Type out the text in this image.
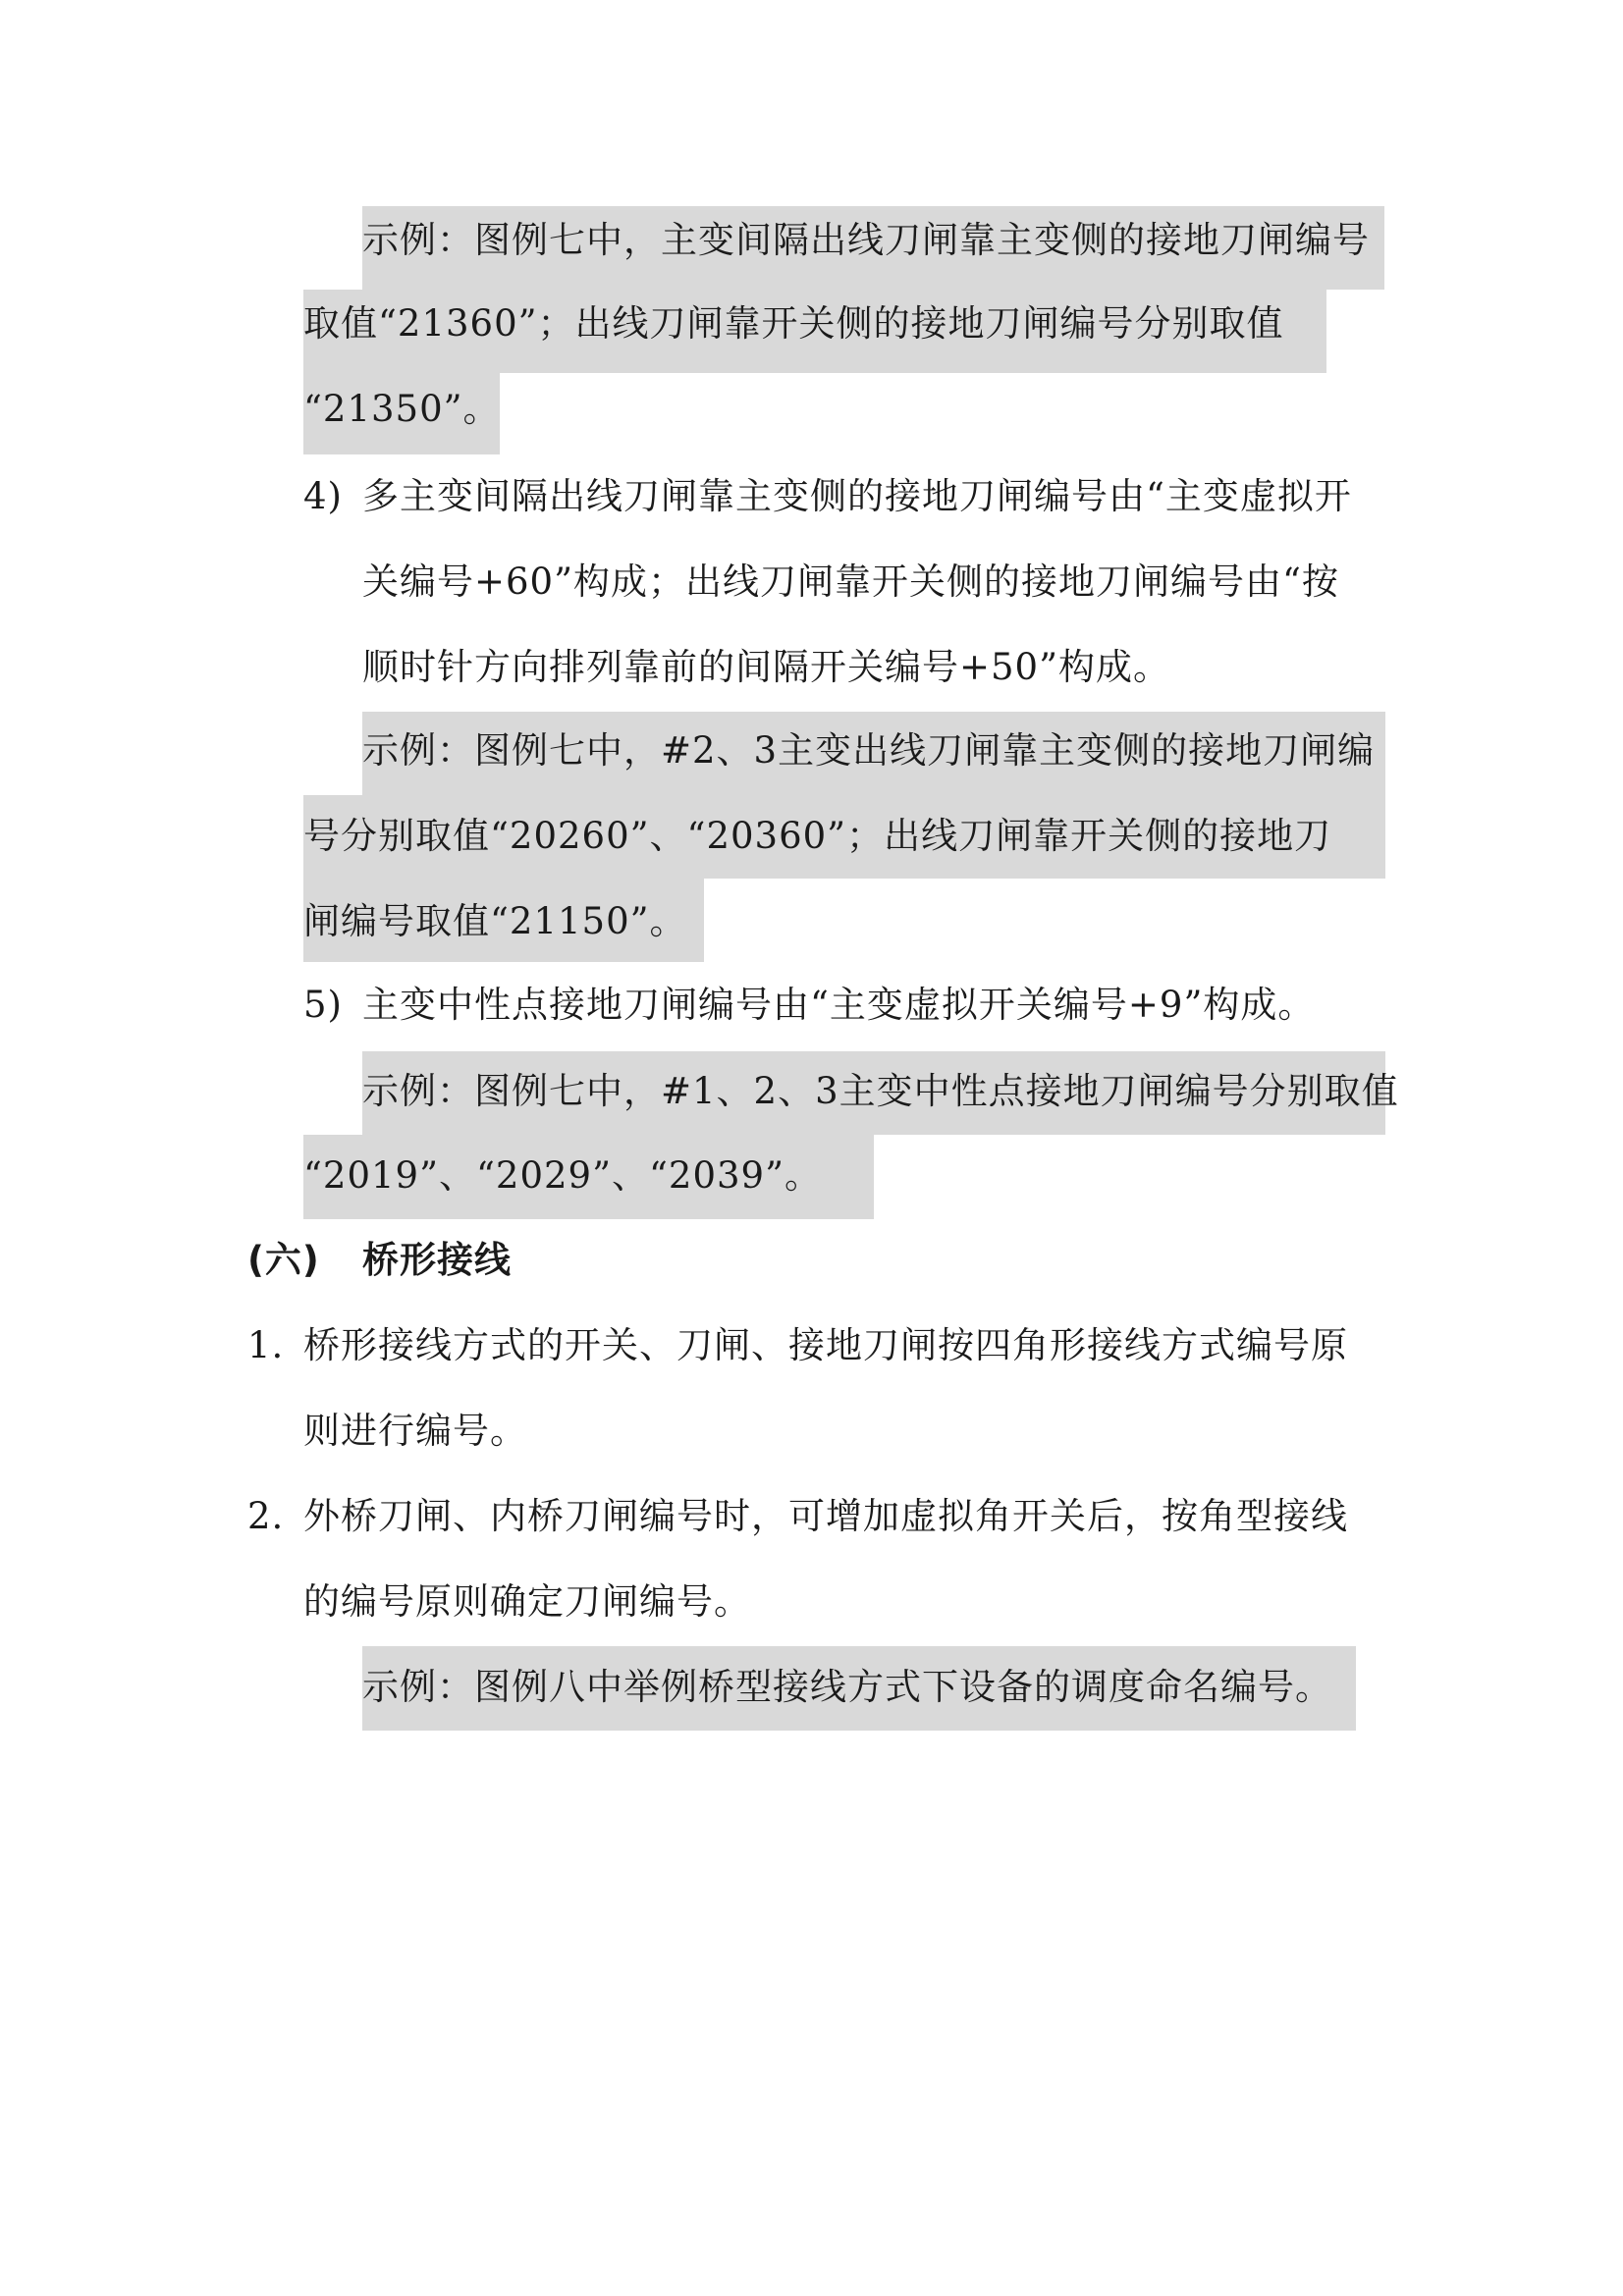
示例：图例七中，主变间隔出线刀闸靠主变侧的接地刀闸编号
取值“21360”；出线刀闸靠开关侧的接地刀闸编号分别取值
“21350”。
4) 多主变间隔出线刀闸靠主变侧的接地刀闸编号由“主变虚拟开
关编号+60”构成；出线刀闸靠开关侧的接地刀闸编号由“按
顺时针方向排列靠前的间隔开关编号+50”构成。
示例：图例七中，#2、3主变出线刀闸靠主变侧的接地刀闸编
号分别取值“20260”、“20360”；出线刀闸靠开关侧的接地刀
闸编号取值“21150”。
5) 主变中性点接地刀闸编号由“主变虚拟开关编号+9”构成。
示例：图例七中，#1、2、3主变中性点接地刀闸编号分别取值
“2019”、“2029”、“2039”。
(六) 桥形接线
1. 桥形接线方式的开关、刀闸、接地刀闸按四角形接线方式编号原
则进行编号。
2. 外桥刀闸、内桥刀闸编号时，可增加虚拟角开关后，按角型接线
的编号原则确定刀闸编号。
示例：图例八中举例桥型接线方式下设备的调度命名编号。
